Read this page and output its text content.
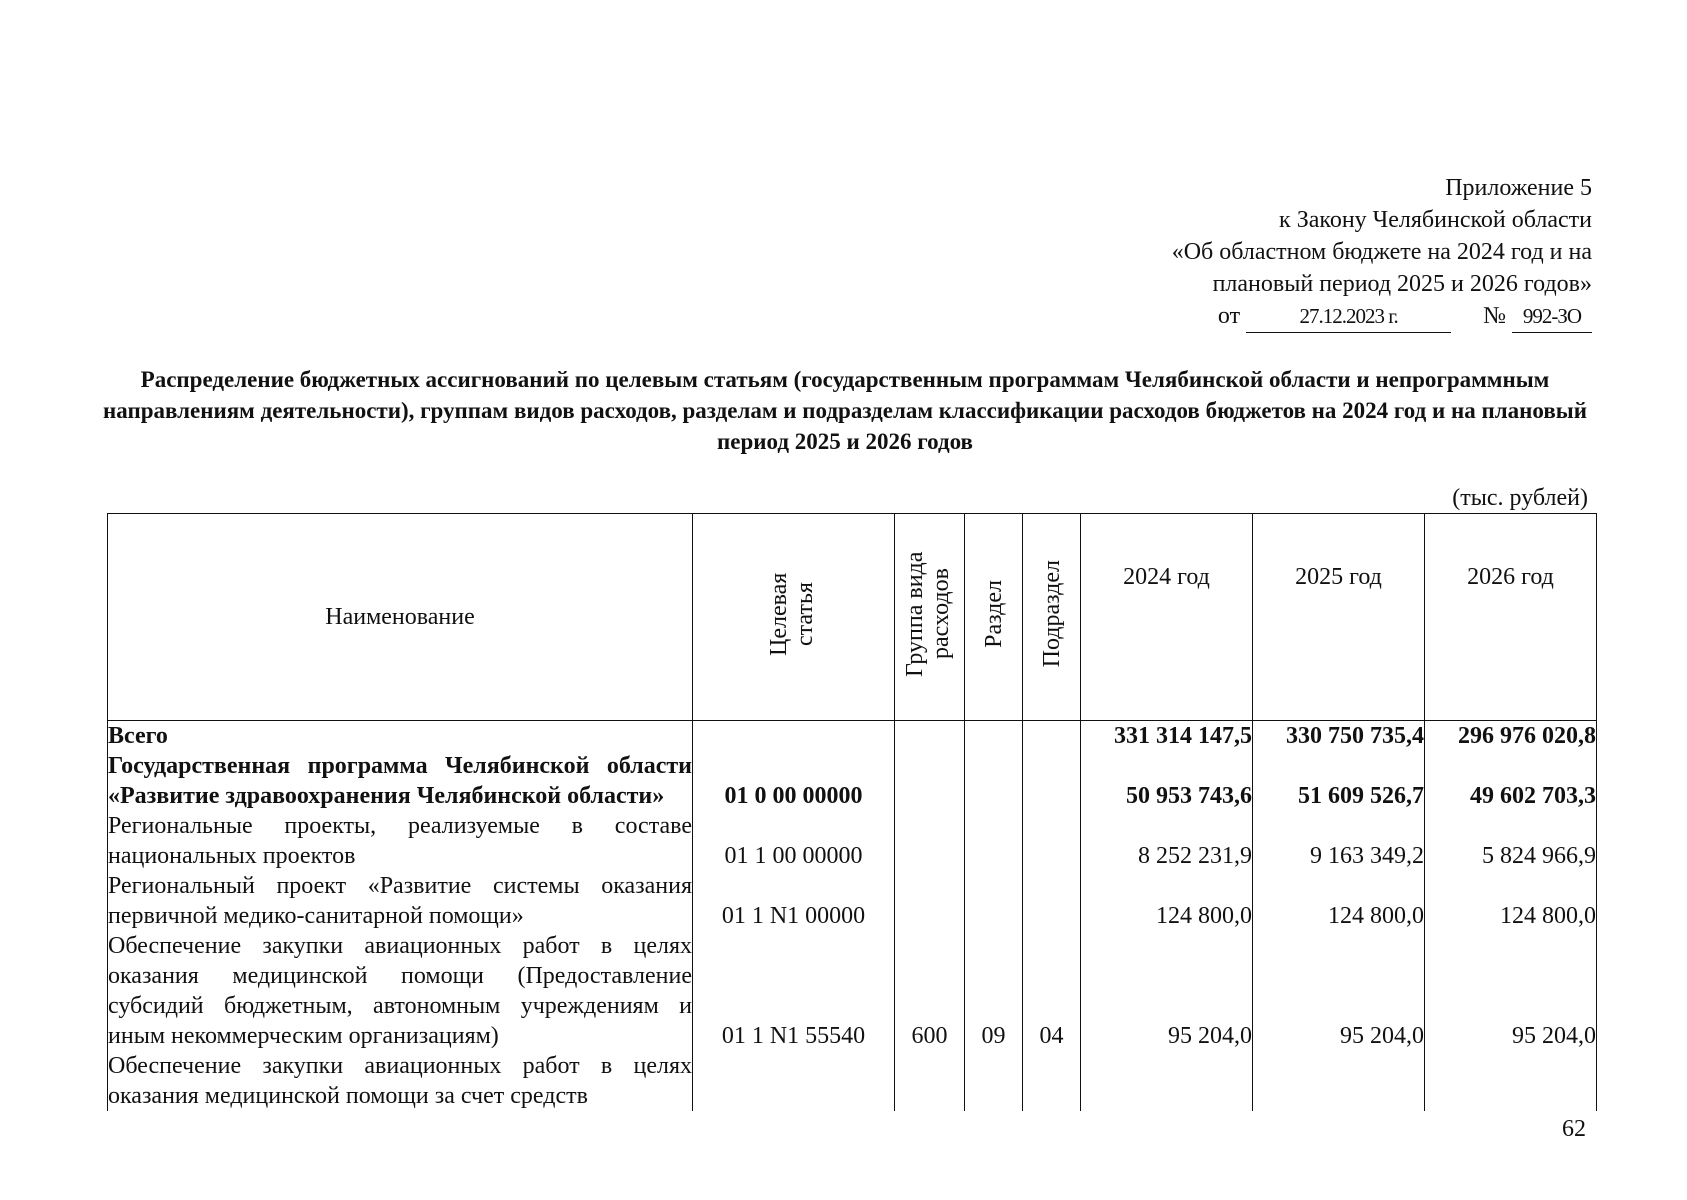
Приложение 5
к Закону Челябинской области
«Об областном бюджете на 2024 год и на
плановый период 2025 и 2026 годов»
от	27.12.2023 г.	№ 992-ЗО
Распределение бюджетных ассигнований по целевым статьям (государственным программам Челябинской области и непрограммным направлениям деятельности), группам видов расходов, разделам и подразделам классификации расходов бюджетов на 2024 год и на плановый период 2025 и 2026 годов
(тыс. рублей)
Наименование	Целевая статья	Группа вида расходов	Раздел	Подраздел	2024 год	2025 год	2026 год
Всего					331 314 147,5	330 750 735,4	296 976 020,8
Государственная программа Челябинской области «Развитие здравоохранения Челябинской области»	01 0 00 00000				50 953 743,6	51 609 526,7	49 602 703,3
Региональные проекты, реализуемые в составе национальных проектов	01 1 00 00000				8 252 231,9	9 163 349,2	5 824 966,9
Региональный проект «Развитие системы оказания первичной медико-санитарной помощи»	01 1 N1 00000				124 800,0	124 800,0	124 800,0
Обеспечение закупки авиационных работ в целях оказания медицинской помощи (Предоставление субсидий бюджетным, автономным учреждениям и иным некоммерческим организациям)	01 1 N1 55540	600	09	04	95 204,0	95 204,0	95 204,0
Обеспечение закупки авиационных работ в целях оказания медицинской помощи за счет средств							
62
